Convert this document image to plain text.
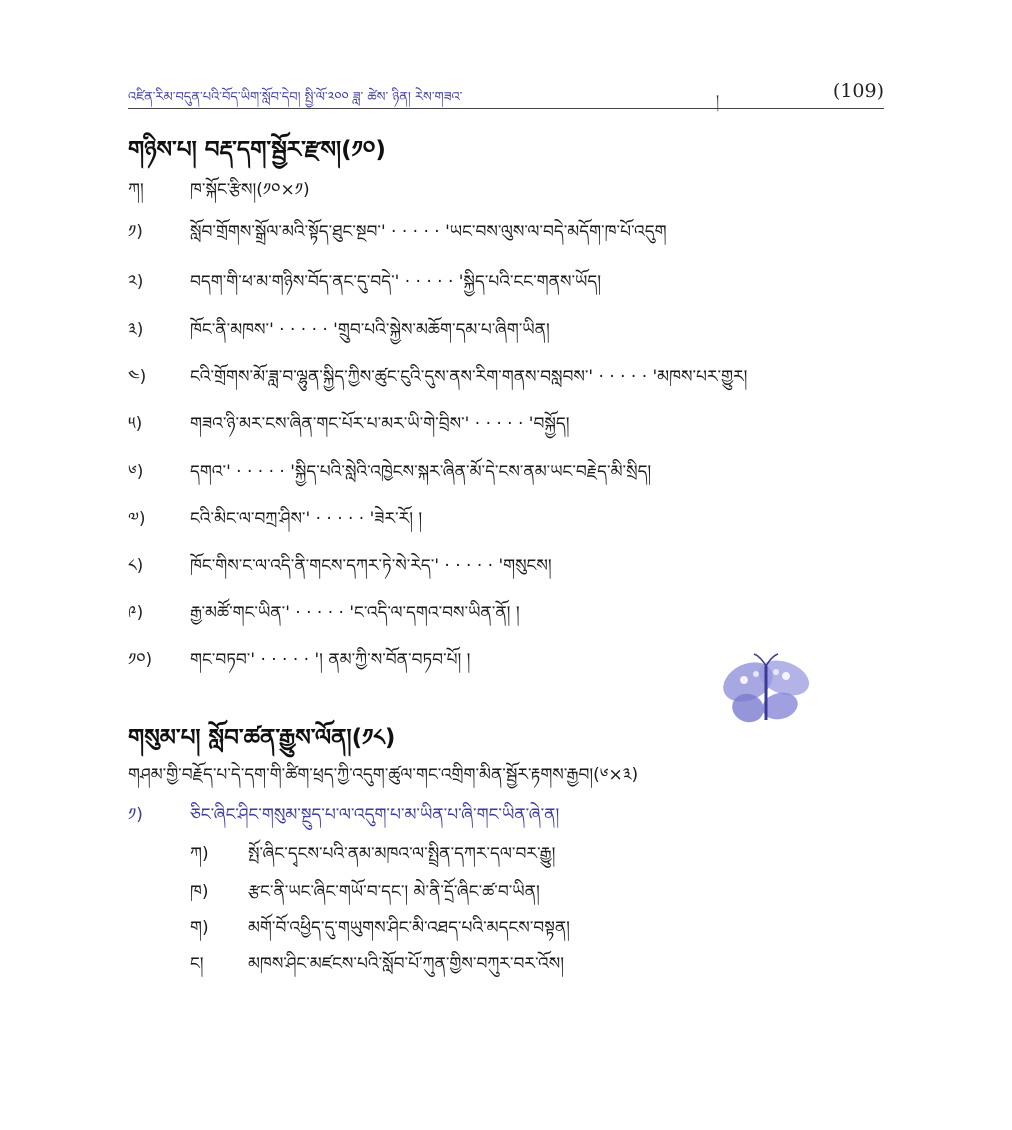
འཛིན་རིམ་བདུན་པའི་བོད་ཡིག་སློབ་དེབ། སྤྱི་ལོ་༢༠༠ ཟླ་ ཚེས་ ཉིན། རེས་གཟའ་	།	(109)
གཉིས་པ། བརྡ་དག་སྦྱོར་རྫས།(༡༠)
ཀ།	ཁ་སྐོང་རྩིས།(༡༠×༡)
༡)	སློབ་གྲོགས་སྒྲོལ་མའི་སྟོད་ཐུང་སྔབ་' · · · · · 'ཡང་བས་ལུས་ལ་བདེ་མདོག་ཁ་པོ་འདུག
༢)	བདག་གི་ཕ་མ་གཉིས་བོད་ནང་དུ་བདེ་' · · · · · 'སྐྱིད་པའི་ངང་གནས་ཡོད།
༣)	ཁོང་ནི་མཁས་' · · · · · 'གྲུབ་པའི་སྐྱེས་མཆོག་དམ་པ་ཞིག་ཡིན།
༤)	ངའི་གྲོགས་མོ་ཟླ་བ་ལྷུན་སྐྱིད་ཀྱིས་ཚུང་ངུའི་དུས་ནས་རིག་གནས་བསླབས་' · · · · · 'མཁས་པར་གྱུར།
༥)	གཟའ་ཉི་མར་ངས་ཞིན་གང་པོར་པ་མར་ཡི་གེ་བྲིས་' · · · · · 'བསྐྱོད།
༦)	དགའ་' · · · · · 'སྐྱིད་པའི་སླེའི་འཁྱེངས་སྐར་ཞིན་མོ་དེ་ངས་ནམ་ཡང་བརྗེད་མི་སྲིད།
༧)	ངའི་མིང་ལ་བཀྲ་ཤིས་' · · · · · 'ཟེར་རོ། །
༨)	ཁོང་གིས་ང་ལ་འདི་ནི་གངས་དཀར་ཏེ་སེ་རེད་' · · · · · 'གསུངས།
༩)	རྒྱ་མཚོ་གང་ཡིན་' · · · · · 'ང་འདི་ལ་དགའ་བས་ཡིན་ནོ། །
༡༠) གང་བཏབ་' · · · · · '། ནམ་ཀྱི་ས་བོན་བཏབ་པོ། །
གསུམ་པ། སློབ་ཚན་རྒྱུས་ལོན།(༡༨)
གཤམ་གྱི་བརྗོད་པ་དེ་དག་གི་ཚིག་ཕྲད་ཀྱི་འདུག་ཚུལ་གང་འགྲིག་མིན་སྦྱོར་རྟགས་རྒྱབ།(༦×༣)
༡)	ཅིང་ཞིང་ཤིང་གསུམ་སྔུད་པ་ལ་འདུག་པ་མ་ཡིན་པ་ཞི་གང་ཡིན་ཞེ་ན།
ཀ) སྤོ་ཞིང་དྭངས་པའི་ནམ་མཁའ་ལ་སྤྲིན་དཀར་དལ་བར་རྒྱུ།
ཁ) རྩང་ནི་ཡང་ཞིང་གཡོ་བ་དང་། མེ་ནི་དྲོ་ཞིང་ཚ་བ་ཡིན།
ག) མགོ་བོ་འཕྱིད་དུ་གཡུགས་ཤིང་མི་འཐད་པའི་མདངས་བསྟན།
ང།	མཁས་ཤིང་མཛངས་པའི་སློབ་པོ་ཀུན་གྱིས་བཀུར་བར་འོས།
